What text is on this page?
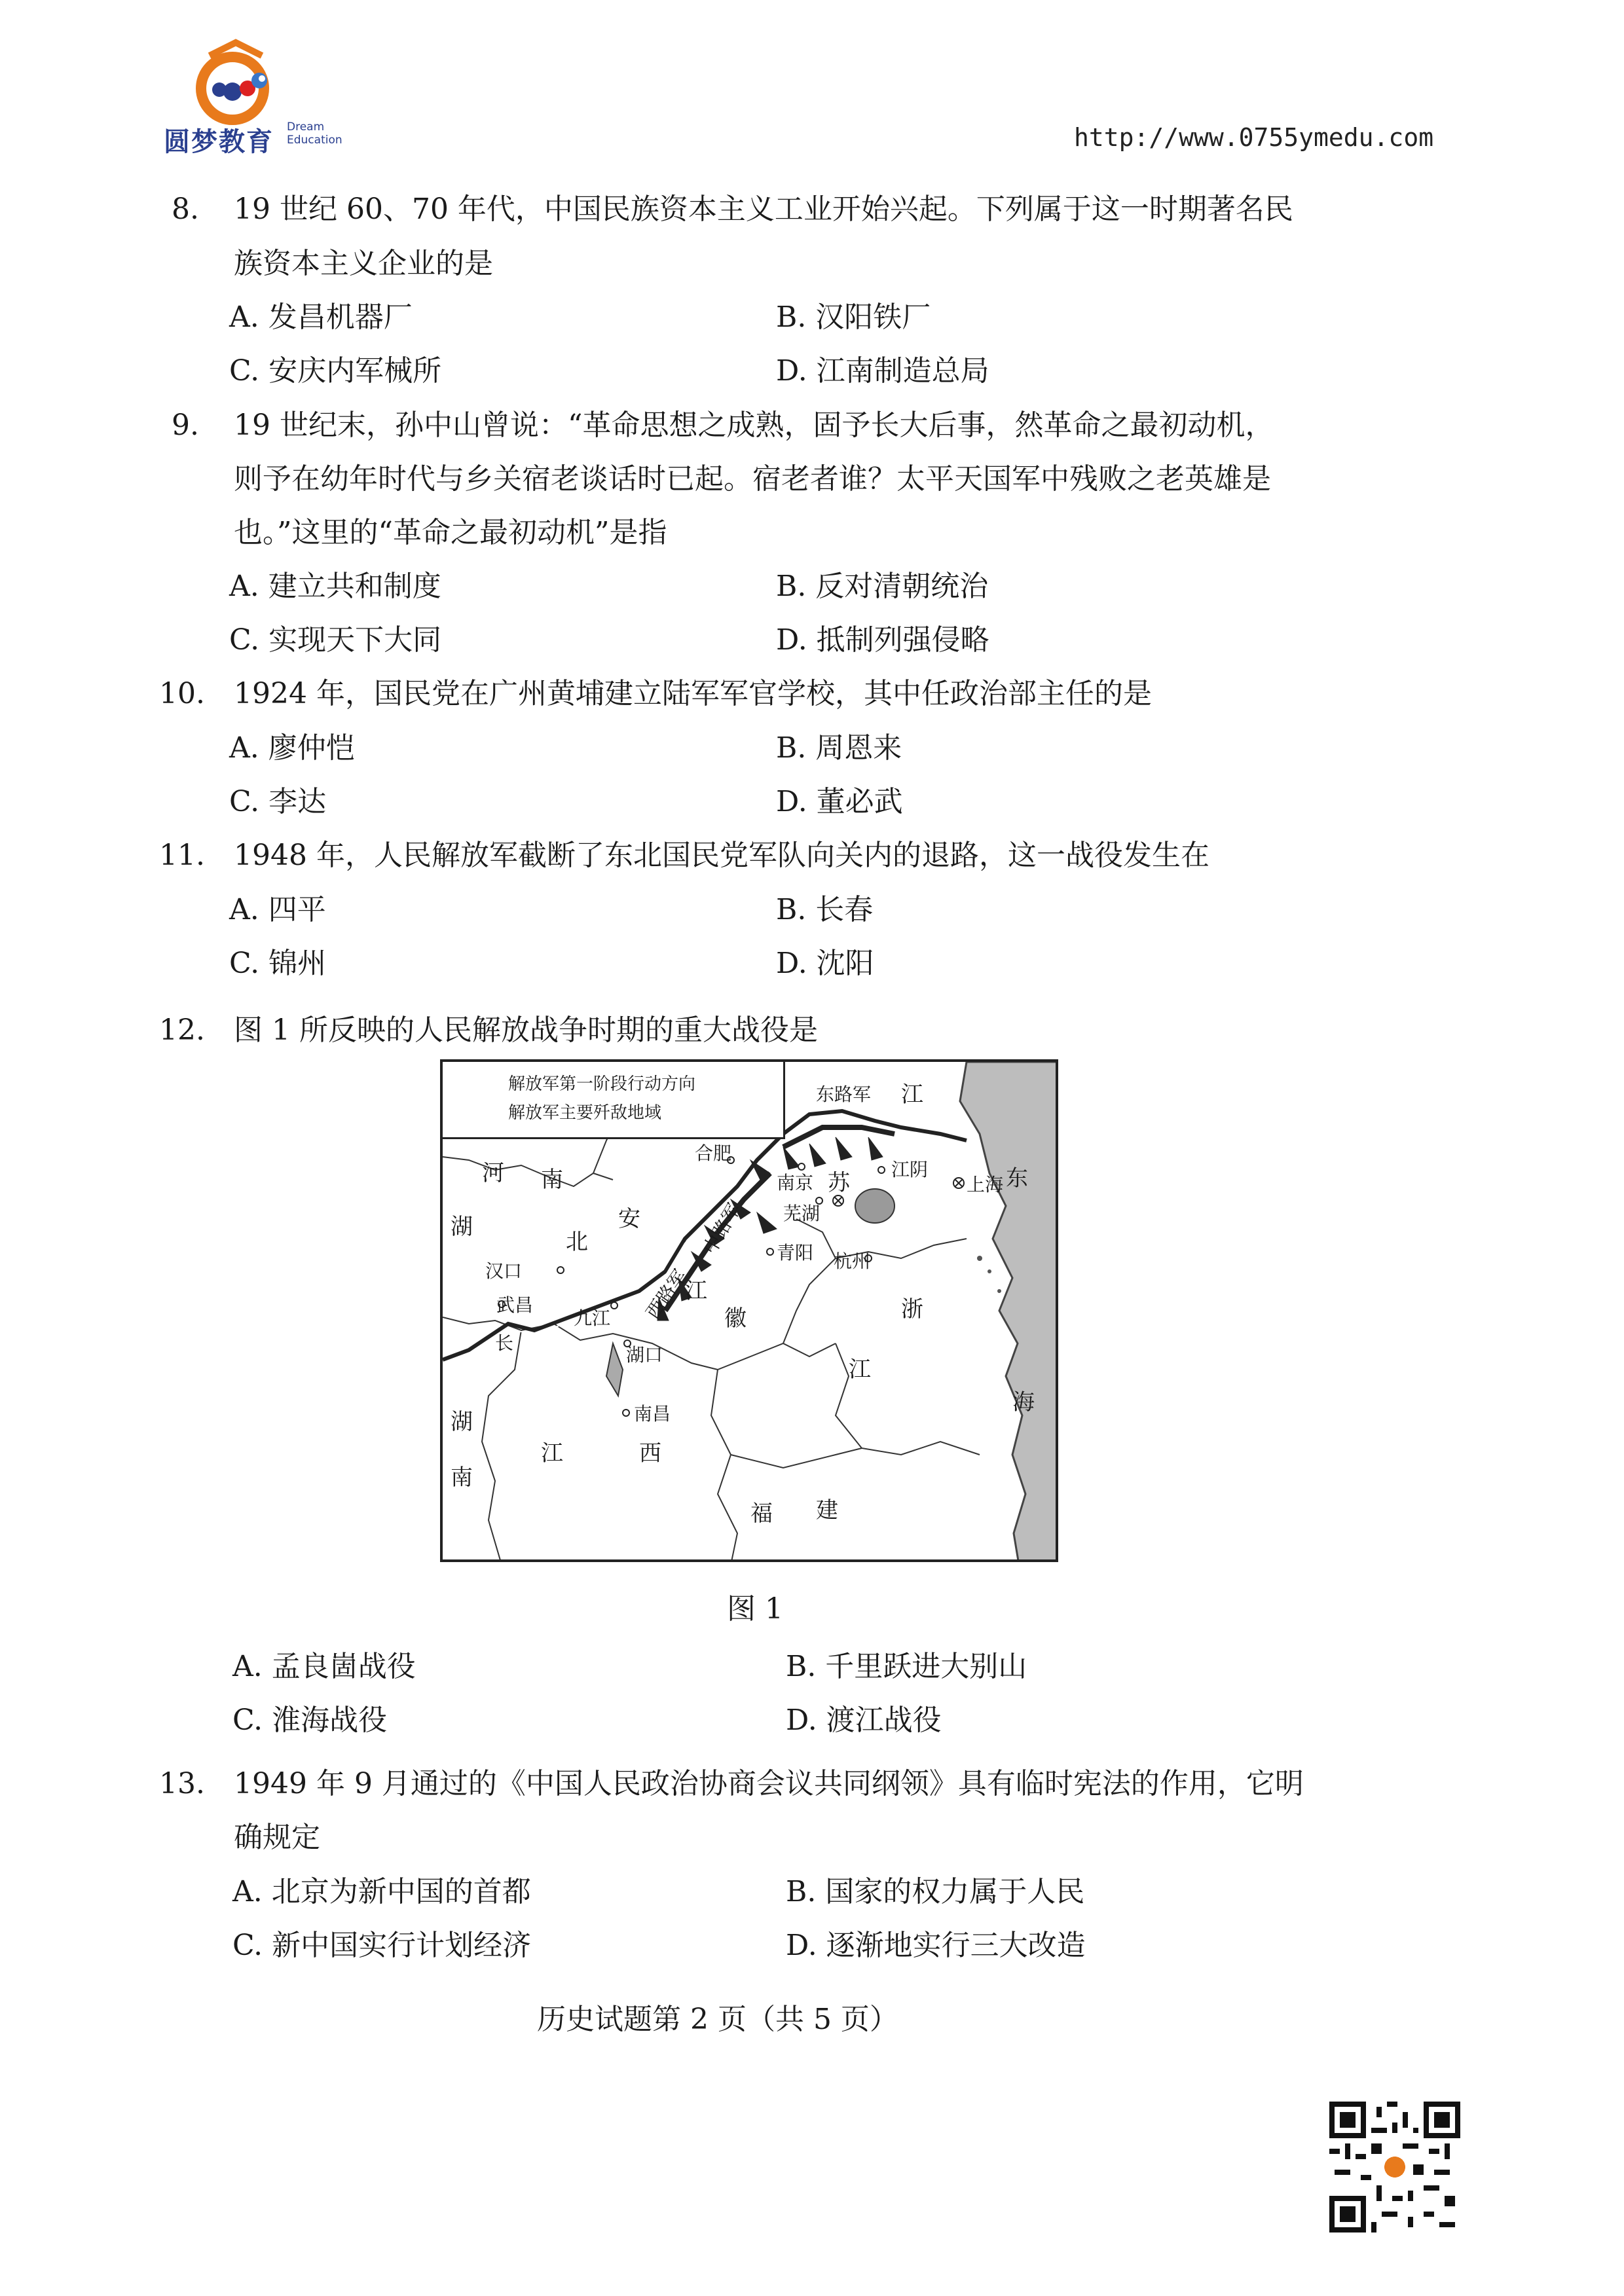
圆梦教育 Dream
Education	http://www.0755ymedu.com
8. 19 世纪 60、70 年代，中国民族资本主义工业开始兴起。下列属于这一时期著名民
族资本主义企业的是
A. 发昌机器厂	B. 汉阳铁厂
C. 安庆内军械所	D. 江南制造总局
9. 19 世纪末，孙中山曾说：“革命思想之成熟，固予长大后事，然革命之最初动机，
则予在幼年时代与乡关宿老谈话时已起。宿老者谁？太平天国军中残败之老英雄是
也。”这里的“革命之最初动机”是指
A. 建立共和制度	B. 反对清朝统治
C. 实现天下大同	D. 抵制列强侵略
10. 1924 年，国民党在广州黄埔建立陆军军官学校，其中任政治部主任的是
A. 廖仲恺	B. 周恩来
C. 李达	D. 董必武
11. 1948 年，人民解放军截断了东北国民党军队向关内的退路，这一战役发生在
A. 四平	B. 长春
C. 锦州	D. 沈阳
12. 图 1 所反映的人民解放战争时期的重大战役是
解放军第一阶段行动方向
解放军主要歼敌地域
河 南
安
徽
湖
北
江
苏
浙
江
湖
南
江	西
福 建
东
海
江
长
东路军
中路军
西路军
合肥
南京
芜湖
江阴
上海
杭州
青阳
汉口
武昌
九江
湖口
南昌
图 1
A. 孟良崮战役	B. 千里跃进大别山
C. 淮海战役	D. 渡江战役
13. 1949 年 9 月通过的《中国人民政治协商会议共同纲领》具有临时宪法的作用，它明
确规定
A. 北京为新中国的首都	B. 国家的权力属于人民
C. 新中国实行计划经济	D. 逐渐地实行三大改造
历史试题第 2 页（共 5 页）
